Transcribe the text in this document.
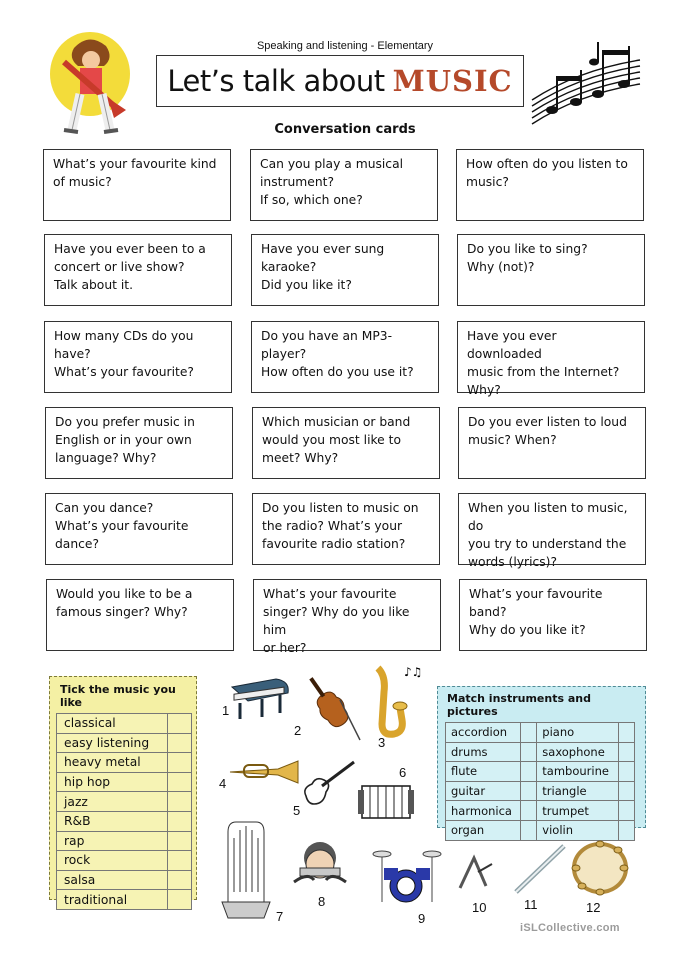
Speaking and listening - Elementary
Let’s talk about MUSIC
Conversation cards
What’s your favourite kind
of music?
Can you play a musical
instrument?
If so, which one?
How often do you listen to
music?
Have you ever been to a
concert or live show?
Talk about it.
Have you ever sung
karaoke?
Did you like it?
Do you like to sing?
Why (not)?
How many CDs do you have?
What’s your favourite?
Do you have an MP3-player?
How often do you use it?
Have you ever downloaded
music from the Internet?
Why?
Do you prefer music in
English or in your own
language? Why?
Which musician or band
would you most like to
meet? Why?
Do you ever listen to loud
music? When?
Can you dance?
What’s your favourite
dance?
Do you listen to music on
the radio? What’s your
favourite radio station?
When you listen to music, do
you try to understand the
words (lyrics)?
Would you like to be a
famous singer? Why?
What’s your favourite
singer? Why do you like him
or her?
What’s your favourite band?
Why do you like it?
Tick the music you like
classical	
easy listening	
heavy metal	
hip hop	
jazz	
R&B	
rap	
rock	
salsa	
traditional	
Match instruments and pictures
accordion		piano	
drums		saxophone	
flute		tambourine	
guitar		triangle	
harmonica		trumpet	
organ		violin	
♪♫
1
2
3
4
5
6
7
8
9
10	11	12
iSLCollective.com
